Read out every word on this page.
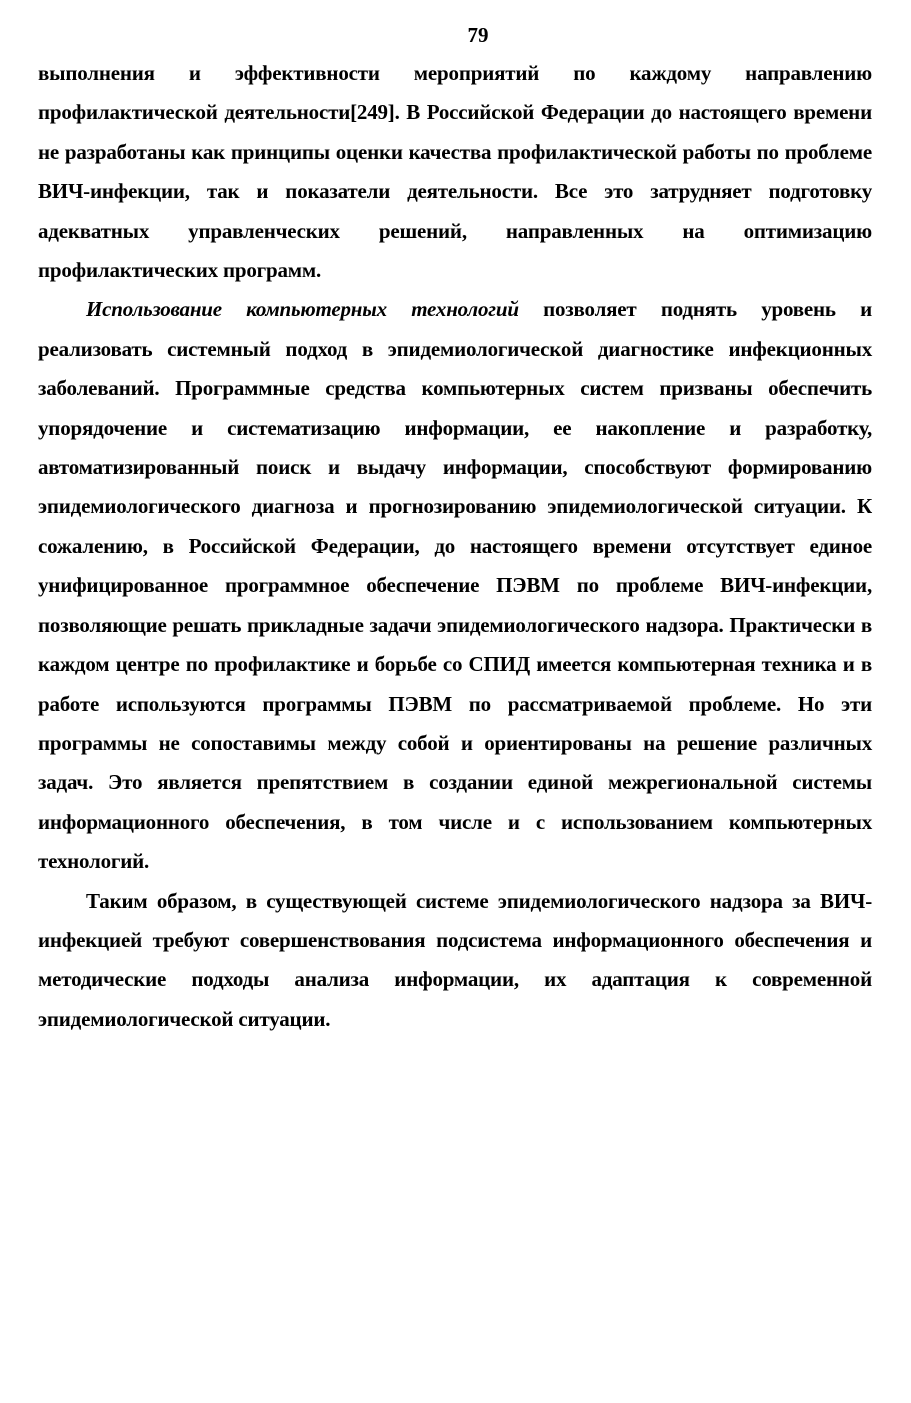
79

выполнения и эффективности мероприятий по каждому направлению профилактической деятельности[249]. В Российской Федерации до настоящего времени не разработаны как принципы оценки качества профилактической работы по проблеме ВИЧ-инфекции, так и показатели деятельности. Все это затрудняет подготовку адекватных управленческих решений, направленных на оптимизацию профилактических программ.

Использование компьютерных технологий позволяет поднять уровень и реализовать системный подход в эпидемиологической диагностике инфекционных заболеваний. Программные средства компьютерных систем призваны обеспечить упорядочение и систематизацию информации, ее накопление и разработку, автоматизированный поиск и выдачу информации, способствуют формированию эпидемиологического диагноза и прогнозированию эпидемиологической ситуации. К сожалению, в Российской Федерации, до настоящего времени отсутствует единое унифицированное программное обеспечение ПЭВМ по проблеме ВИЧ-инфекции, позволяющие решать прикладные задачи эпидемиологического надзора. Практически в каждом центре по профилактике и борьбе со СПИД имеется компьютерная техника и в работе используются программы ПЭВМ по рассматриваемой проблеме. Но эти программы не сопоставимы между собой и ориентированы на решение различных задач. Это является препятствием в создании единой межрегиональной системы информационного обеспечения, в том числе и с использованием компьютерных технологий.

Таким образом, в существующей системе эпидемиологического надзора за ВИЧ-инфекцией требуют совершенствования подсистема информационного обеспечения и методические подходы анализа информации, их адаптация к современной эпидемиологической ситуации.
